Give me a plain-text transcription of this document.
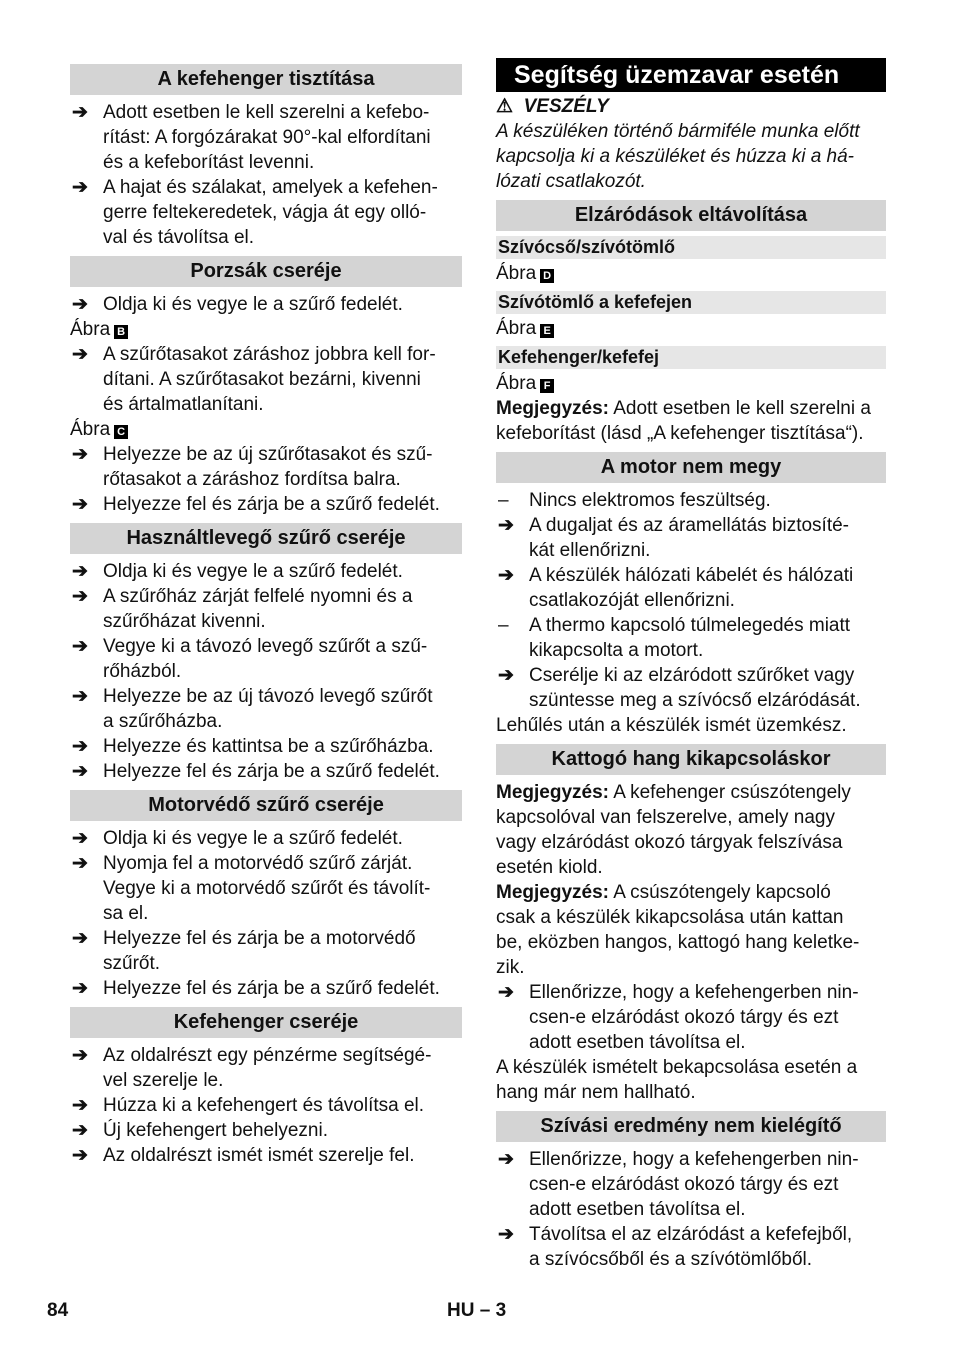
A kefehenger tisztítása
➔ Adott esetben le kell szerelni a kefebo-
rítást: A forgózárakat 90°-kal elfordítani
és a kefeborítást levenni.
➔ A hajat és szálakat, amelyek a kefehen-
gerre feltekeredetek, vágja át egy olló-
val és távolítsa el.
Porzsák cseréje
➔ Oldja ki és vegye le a szűrő fedelét.
Ábra B
➔ A szűrőtasakot záráshoz jobbra kell for-
dítani. A szűrőtasakot bezárni, kivenni
és ártalmatlanítani.
Ábra C
➔ Helyezze be az új szűrőtasakot és szű-
rőtasakot a záráshoz fordítsa balra.
➔ Helyezze fel és zárja be a szűrő fedelét.
Használtlevegő szűrő cseréje
➔ Oldja ki és vegye le a szűrő fedelét.
➔ A szűrőház zárját felfelé nyomni és a
szűrőházat kivenni.
➔ Vegye ki a távozó levegő szűrőt a szű-
rőházból.
➔ Helyezze be az új távozó levegő szűrőt
a szűrőházba.
➔ Helyezze és kattintsa be a szűrőházba.
➔ Helyezze fel és zárja be a szűrő fedelét.
Motorvédő szűrő cseréje
➔ Oldja ki és vegye le a szűrő fedelét.
➔ Nyomja fel a motorvédő szűrő zárját.
Vegye ki a motorvédő szűrőt és távolít-
sa el.
➔ Helyezze fel és zárja be a motorvédő
szűrőt.
➔ Helyezze fel és zárja be a szűrő fedelét.
Kefehenger cseréje
➔ Az oldalrészt egy pénzérme segítségé-
vel szerelje le.
➔ Húzza ki a kefehengert és távolítsa el.
➔ Új kefehengert behelyezni.
➔ Az oldalrészt ismét ismét szerelje fel.
Segítség üzemzavar esetén
⚠ VESZÉLY
A készüléken történő bármiféle munka előtt
kapcsolja ki a készüléket és húzza ki a há-
lózati csatlakozót.
Elzáródások eltávolítása
Szívócső/szívótömlő
Ábra D
Szívótömlő a kefefejen
Ábra E
Kefehenger/kefefej
Ábra F
Megjegyzés: Adott esetben le kell szerelni a
kefeborítást (lásd „A kefehenger tisztítása“).
A motor nem megy
– Nincs elektromos feszültség.
➔ A dugaljat és az áramellátás biztosíté-
kát ellenőrizni.
➔ A készülék hálózati kábelét és hálózati
csatlakozóját ellenőrizni.
– A thermo kapcsoló túlmelegedés miatt
kikapcsolta a motort.
➔ Cserélje ki az elzáródott szűrőket vagy
szüntesse meg a szívócső elzáródását.
Lehűlés után a készülék ismét üzemkész.
Kattogó hang kikapcsoláskor
Megjegyzés: A kefehenger csúszótengely
kapcsolóval van felszerelve, amely nagy
vagy elzáródást okozó tárgyak felszívása
esetén kiold.
Megjegyzés: A csúszótengely kapcsoló
csak a készülék kikapcsolása után kattan
be, eközben hangos, kattogó hang keletke-
zik.
➔ Ellenőrizze, hogy a kefehengerben nin-
csen-e elzáródást okozó tárgy és ezt
adott esetben távolítsa el.
A készülék ismételt bekapcsolása esetén a
hang már nem hallható.
Szívási eredmény nem kielégítő
➔ Ellenőrizze, hogy a kefehengerben nin-
csen-e elzáródást okozó tárgy és ezt
adott esetben távolítsa el.
➔ Távolítsa el az elzáródást a kefefejből,
a szívócsőből és a szívótömlőből.
84	HU – 3
